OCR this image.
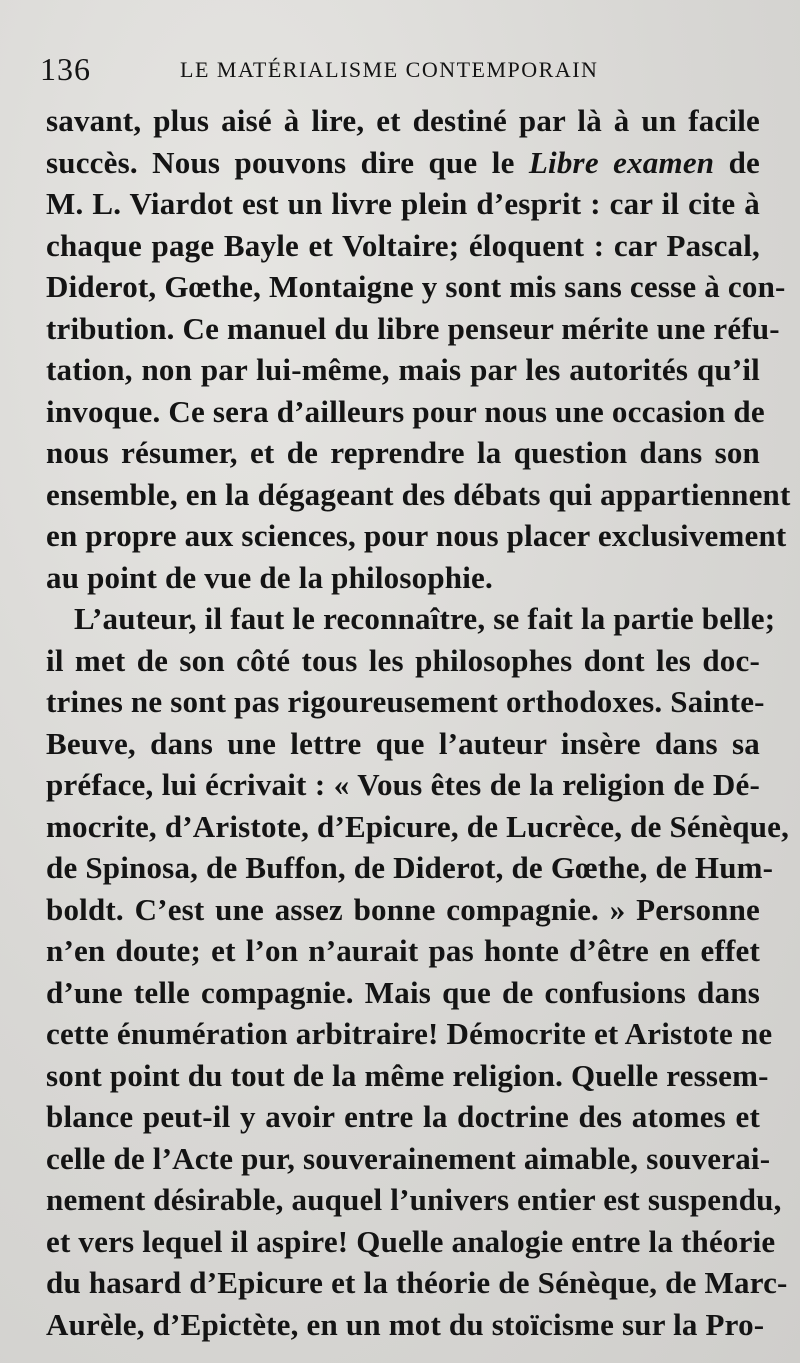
136	LE MATÉRIALISME CONTEMPORAIN
savant, plus aisé à lire, et destiné par là à un facile
succès. Nous pouvons dire que le Libre examen de
M. L. Viardot est un livre plein d’esprit : car il cite à
chaque page Bayle et Voltaire; éloquent : car Pascal,
Diderot, Gœthe, Montaigne y sont mis sans cesse à con-
tribution. Ce manuel du libre penseur mérite une réfu-
tation, non par lui-même, mais par les autorités qu’il
invoque. Ce sera d’ailleurs pour nous une occasion de
nous résumer, et de reprendre la question dans son
ensemble, en la dégageant des débats qui appartiennent
en propre aux sciences, pour nous placer exclusivement
au point de vue de la philosophie.
L’auteur, il faut le reconnaître, se fait la partie belle;
il met de son côté tous les philosophes dont les doc-
trines ne sont pas rigoureusement orthodoxes. Sainte-
Beuve, dans une lettre que l’auteur insère dans sa
préface, lui écrivait : « Vous êtes de la religion de Dé-
mocrite, d’Aristote, d’Epicure, de Lucrèce, de Sénèque,
de Spinosa, de Buffon, de Diderot, de Gœthe, de Hum-
boldt. C’est une assez bonne compagnie. » Personne
n’en doute; et l’on n’aurait pas honte d’être en effet
d’une telle compagnie. Mais que de confusions dans
cette énumération arbitraire! Démocrite et Aristote ne
sont point du tout de la même religion. Quelle ressem-
blance peut-il y avoir entre la doctrine des atomes et
celle de l’Acte pur, souverainement aimable, souverai-
nement désirable, auquel l’univers entier est suspendu,
et vers lequel il aspire! Quelle analogie entre la théorie
du hasard d’Epicure et la théorie de Sénèque, de Marc-
Aurèle, d’Epictète, en un mot du stoïcisme sur la Pro-
